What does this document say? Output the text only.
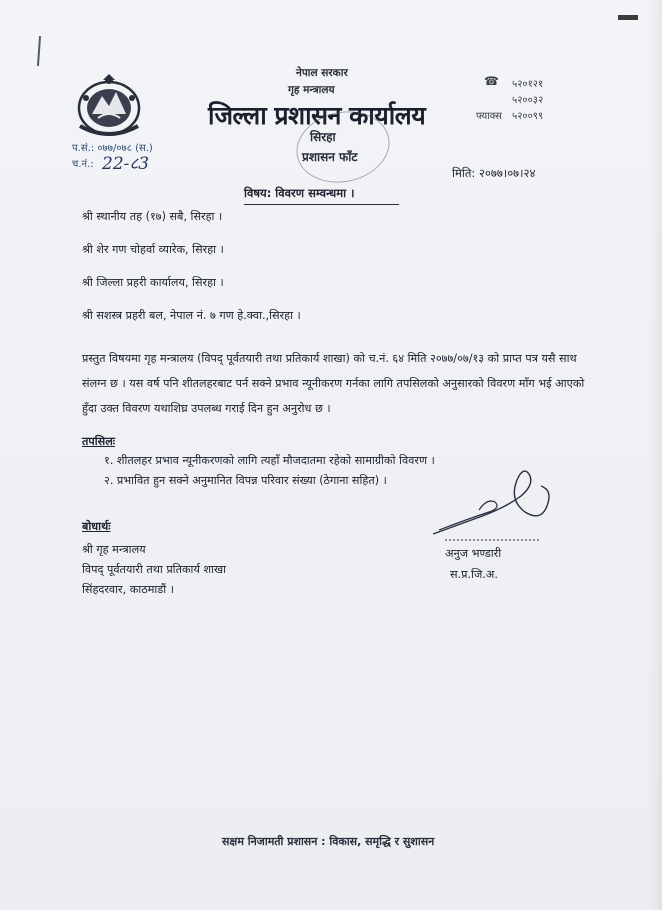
नेपाल सरकार
गृह मन्त्रालय
जिल्ला प्रशासन कार्यालय
सिरहा
प्रशासन फाँट
☎ ५२०१२१
५२००३२
फ्याक्स ५२००९९
प.सं.: ०७७/०७८ (स.)
च.नं.: 22-८3	मिति: २०७७।०७।२४
विषय: विवरण सम्वन्धमा ।
श्री स्थानीय तह (१७) सबै, सिरहा ।
श्री शेर गण चोहर्वा व्यारेक, सिरहा ।
श्री जिल्ला प्रहरी कार्यालय, सिरहा ।
श्री सशस्त्र प्रहरी बल, नेपाल नं. ७ गण हे.क्वा.,सिरहा ।
प्रस्तुत विषयमा गृह मन्त्रालय (विपद् पूर्वतयारी तथा प्रतिकार्य शाखा) को च.नं. ६४ मिति २०७७/०७/१३ को प्राप्त पत्र यसै साथ संलग्न छ । यस वर्ष पनि शीतलहरबाट पर्न सक्ने प्रभाव न्यूनीकरण गर्नका लागि तपसिलको अनुसारको विवरण माँग भई आएको हुँदा उक्त विवरण यथाशिघ्र उपलब्ध गराई दिन हुन अनुरोध छ ।
तपसिलः
१. शीतलहर प्रभाव न्यूनीकरणको लागि त्यहाँ मौजदातमा रहेको सामाग्रीको विवरण ।
२. प्रभावित हुन सक्ने अनुमानित विपन्न परिवार संख्या (ठेगाना सहित) ।
अनुज भण्डारी
स.प्र.जि.अ.
बोधार्थः
श्री गृह मन्त्रालय
विपद् पूर्वतयारी तथा प्रतिकार्य शाखा
सिंहदरवार, काठमाडौं ।
सक्षम निजामती प्रशासन : विकास, समृद्धि र सुशासन
